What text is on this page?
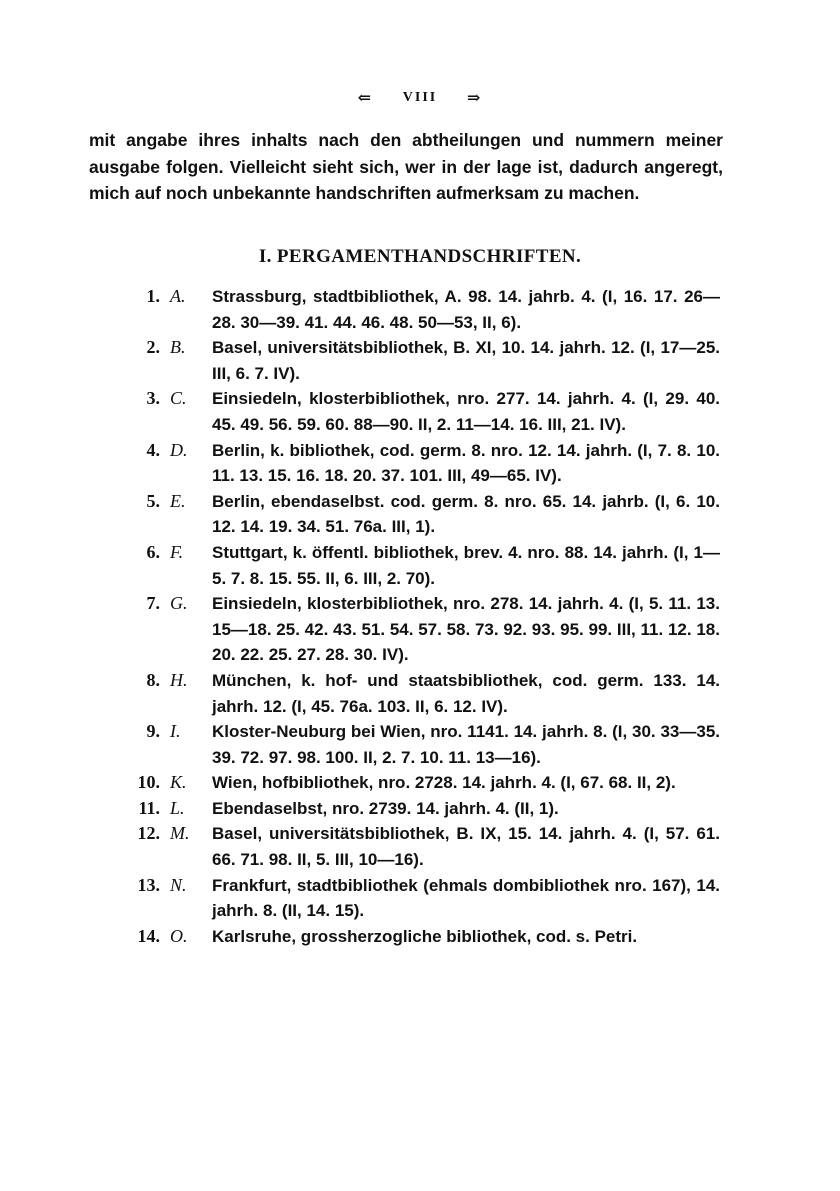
⇐ VIII ⇒

mit angabe ihres inhalts nach den abtheilungen und nummern meiner ausgabe folgen. Vielleicht sieht sich, wer in der lage ist, dadurch angeregt, mich auf noch unbekannte handschriften aufmerksam zu machen.

I. PERGAMENTHANDSCHRIFTEN.
1. A.	Strassburg, stadtbibliothek, A. 98. 14. jahrb. 4. (I, 16. 17. 26—28. 30—39. 41. 44. 46. 48. 50—53, II, 6).

2. B.	Basel, universitätsbibliothek, B. XI, 10. 14. jahrh. 12. (I, 17—25. III, 6. 7. IV).

3. C.	Einsiedeln, klosterbibliothek, nro. 277. 14. jahrh. 4. (I, 29. 40. 45. 49. 56. 59. 60. 88—90. II, 2. 11—14. 16. III, 21. IV).

4. D.	Berlin, k. bibliothek, cod. germ. 8. nro. 12. 14. jahrh. (I, 7. 8. 10. 11. 13. 15. 16. 18. 20. 37. 101. III, 49—65. IV).

5. E.	Berlin, ebendaselbst. cod. germ. 8. nro. 65. 14. jahrb. (I, 6. 10. 12. 14. 19. 34. 51. 76a. III, 1).

6. F.	Stuttgart, k. öffentl. bibliothek, brev. 4. nro. 88. 14. jahrh. (I, 1—5. 7. 8. 15. 55. II, 6. III, 2. 70).

7. G.	Einsiedeln, klosterbibliothek, nro. 278. 14. jahrh. 4. (I, 5. 11. 13. 15—18. 25. 42. 43. 51. 54. 57. 58. 73. 92. 93. 95. 99. III, 11. 12. 18. 20. 22. 25. 27. 28. 30. IV).

8. H.	München, k. hof- und staatsbibliothek, cod. germ. 133. 14. jahrh. 12. (I, 45. 76a. 103. II, 6. 12. IV).

9. I.	Kloster-Neuburg bei Wien, nro. 1141. 14. jahrh. 8. (I, 30. 33—35. 39. 72. 97. 98. 100. II, 2. 7. 10. 11. 13—16).

10. K.	Wien, hofbibliothek, nro. 2728. 14. jahrh. 4. (I, 67. 68. II, 2).

11. L.	Ebendaselbst, nro. 2739. 14. jahrh. 4. (II, 1).

12. M.	Basel, universitätsbibliothek, B. IX, 15. 14. jahrh. 4. (I, 57. 61. 66. 71. 98. II, 5. III, 10—16).

13. N.	Frankfurt, stadtbibliothek (ehmals dombibliothek nro. 167), 14. jahrh. 8. (II, 14. 15).

14. O.	Karlsruhe, grossherzogliche bibliothek, cod. s. Petri.
